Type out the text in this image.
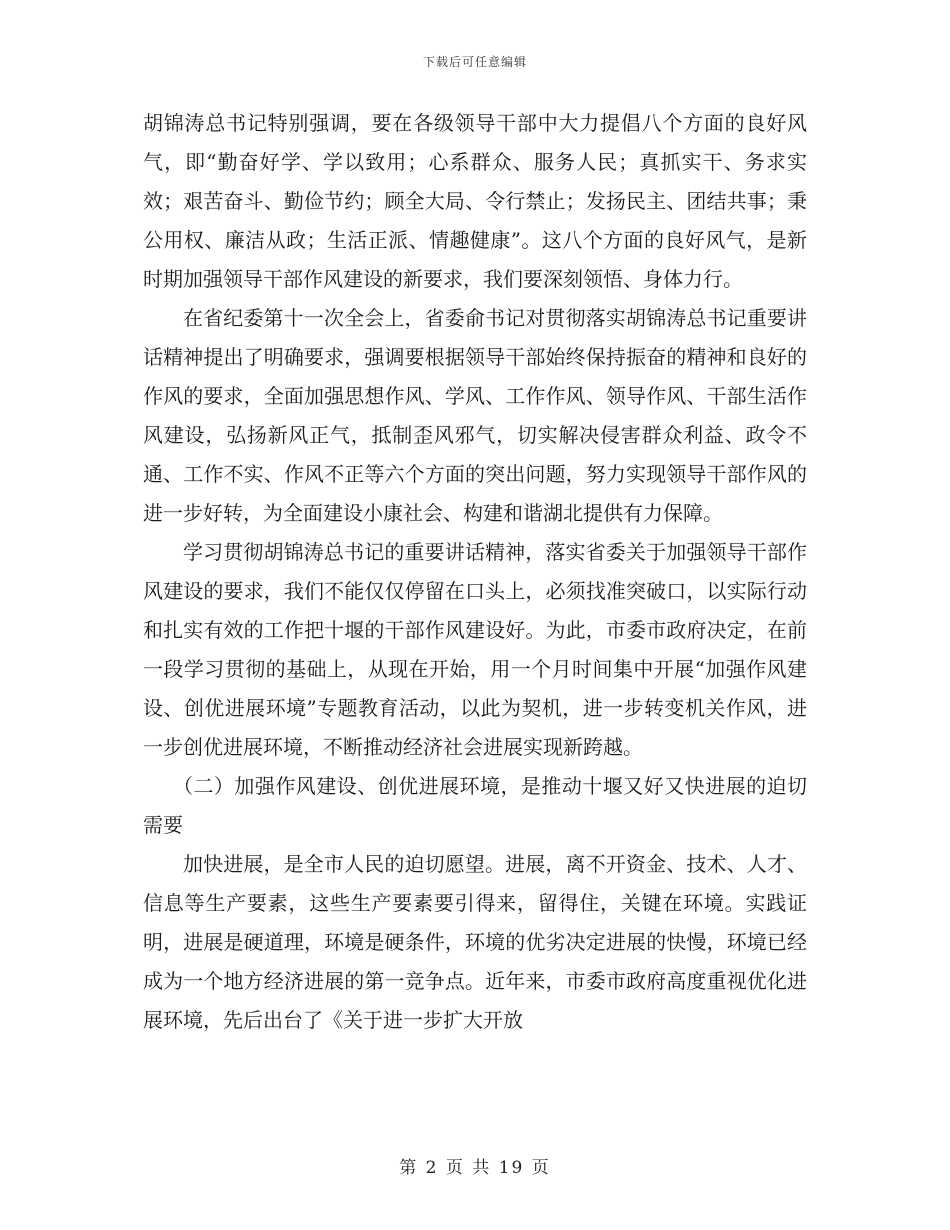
下载后可任意编辑

胡锦涛总书记特别强调，要在各级领导干部中大力提倡八个方面的良好风气，即“勤奋好学、学以致用；心系群众、服务人民；真抓实干、务求实效；艰苦奋斗、勤俭节约；顾全大局、令行禁止；发扬民主、团结共事；秉公用权、廉洁从政；生活正派、情趣健康”。这八个方面的良好风气，是新时期加强领导干部作风建设的新要求，我们要深刻领悟、身体力行。

在省纪委第十一次全会上，省委俞书记对贯彻落实胡锦涛总书记重要讲话精神提出了明确要求，强调要根据领导干部始终保持振奋的精神和良好的作风的要求，全面加强思想作风、学风、工作作风、领导作风、干部生活作风建设，弘扬新风正气，抵制歪风邪气，切实解决侵害群众利益、政令不通、工作不实、作风不正等六个方面的突出问题，努力实现领导干部作风的进一步好转，为全面建设小康社会、构建和谐湖北提供有力保障。

学习贯彻胡锦涛总书记的重要讲话精神，落实省委关于加强领导干部作风建设的要求，我们不能仅仅停留在口头上，必须找准突破口，以实际行动和扎实有效的工作把十堰的干部作风建设好。为此，市委市政府决定，在前一段学习贯彻的基础上，从现在开始，用一个月时间集中开展“加强作风建设、创优进展环境”专题教育活动，以此为契机，进一步转变机关作风，进一步创优进展环境，不断推动经济社会进展实现新跨越。

（二）加强作风建设、创优进展环境，是推动十堰又好又快进展的迫切需要

加快进展，是全市人民的迫切愿望。进展，离不开资金、技术、人才、信息等生产要素，这些生产要素要引得来，留得住，关键在环境。实践证明，进展是硬道理，环境是硬条件，环境的优劣决定进展的快慢，环境已经成为一个地方经济进展的第一竞争点。近年来，市委市政府高度重视优化进展环境，先后出台了《关于进一步扩大开放

第 2 页 共 19 页
